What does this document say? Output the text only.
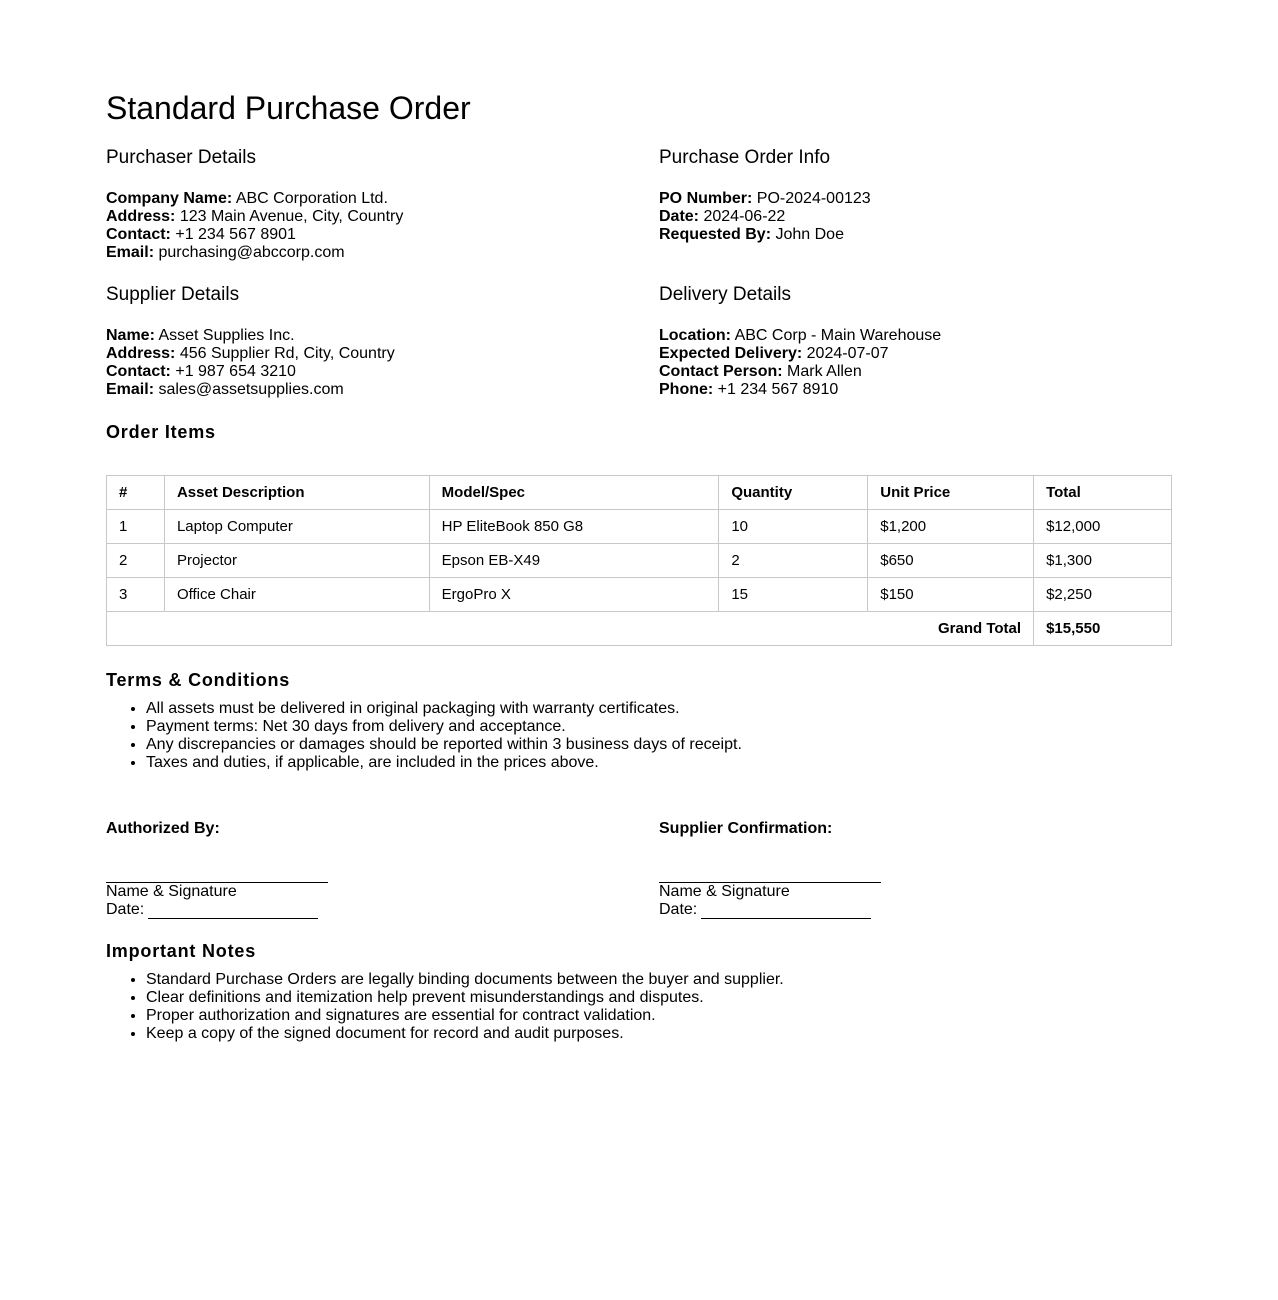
Standard Purchase Order
Purchaser Details
Company Name: ABC Corporation Ltd.
Address: 123 Main Avenue, City, Country
Contact: +1 234 567 8901
Email: purchasing@abccorp.com
Purchase Order Info
PO Number: PO-2024-00123
Date: 2024-06-22
Requested By: John Doe
Supplier Details
Name: Asset Supplies Inc.
Address: 456 Supplier Rd, City, Country
Contact: +1 987 654 3210
Email: sales@assetsupplies.com
Delivery Details
Location: ABC Corp - Main Warehouse
Expected Delivery: 2024-07-07
Contact Person: Mark Allen
Phone: +1 234 567 8910
Order Items
#	Asset Description	Model/Spec	Quantity	Unit Price	Total
1	Laptop Computer	HP EliteBook 850 G8	10	$1,200	$12,000
2	Projector	Epson EB-X49	2	$650	$1,300
3	Office Chair	ErgoPro X	15	$150	$2,250
Grand Total					$15,550
Terms & Conditions
• All assets must be delivered in original packaging with warranty certificates.
• Payment terms: Net 30 days from delivery and acceptance.
• Any discrepancies or damages should be reported within 3 business days of receipt.
• Taxes and duties, if applicable, are included in the prices above.
Authorized By:
Name & Signature
Date:
Supplier Confirmation:
Name & Signature
Date:
Important Notes
• Standard Purchase Orders are legally binding documents between the buyer and supplier.
• Clear definitions and itemization help prevent misunderstandings and disputes.
• Proper authorization and signatures are essential for contract validation.
• Keep a copy of the signed document for record and audit purposes.
